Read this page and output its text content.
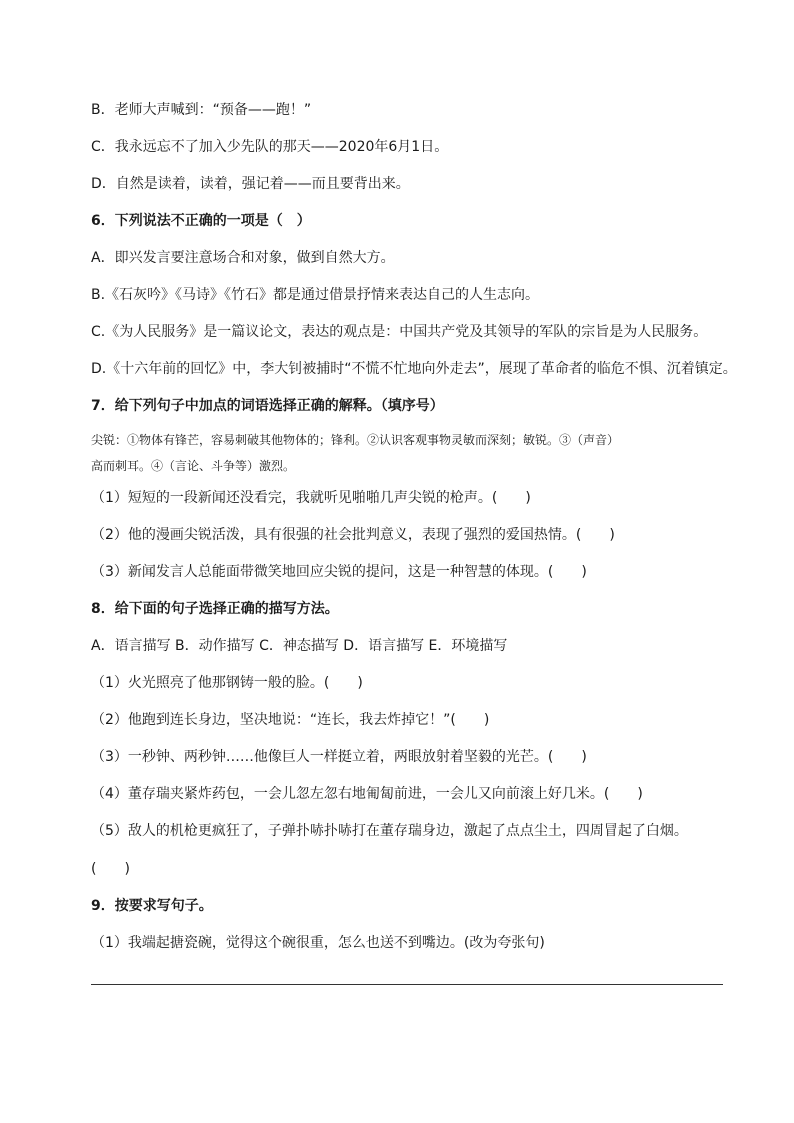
B．老师大声喊到：“预备——跑！”
C．我永远忘不了加入少先队的那天——2020年6月1日。
D．自然是读着，读着，强记着——而且要背出来。
6．下列说法不正确的一项是（　）
A．即兴发言要注意场合和对象，做到自然大方。
B.《石灰吟》《马诗》《竹石》都是通过借景抒情来表达自己的人生志向。
C.《为人民服务》是一篇议论文，表达的观点是：中国共产党及其领导的军队的宗旨是为人民服务。
D.《十六年前的回忆》中，李大钊被捕时“不慌不忙地向外走去”，展现了革命者的临危不惧、沉着镇定。
7．给下列句子中加点的词语选择正确的解释。（填序号）
尖锐：①物体有锋芒，容易刺破其他物体的；锋利。②认识客观事物灵敏而深刻；敏锐。③（声音）
高而刺耳。④（言论、斗争等）激烈。
（1）短短的一段新闻还没看完，我就听见啪啪几声尖锐的枪声。(　　)
（2）他的漫画尖锐活泼，具有很强的社会批判意义，表现了强烈的爱国热情。(　　)
（3）新闻发言人总能面带微笑地回应尖锐的提问，这是一种智慧的体现。(　　)
8．给下面的句子选择正确的描写方法。
A．语言描写 B．动作描写 C．神态描写 D．语言描写 E．环境描写
（1）火光照亮了他那钢铸一般的脸。(　　)
（2）他跑到连长身边，坚决地说：“连长，我去炸掉它！”(　　)
（3）一秒钟、两秒钟……他像巨人一样挺立着，两眼放射着坚毅的光芒。(　　)
（4）董存瑞夹紧炸药包，一会儿忽左忽右地匍匐前进，一会儿又向前滚上好几米。(　　)
（5）敌人的机枪更疯狂了，子弹扑哧扑哧打在董存瑞身边，激起了点点尘土，四周冒起了白烟。
(　　)
9．按要求写句子。
（1）我端起搪瓷碗，觉得这个碗很重，怎么也送不到嘴边。(改为夸张句)
